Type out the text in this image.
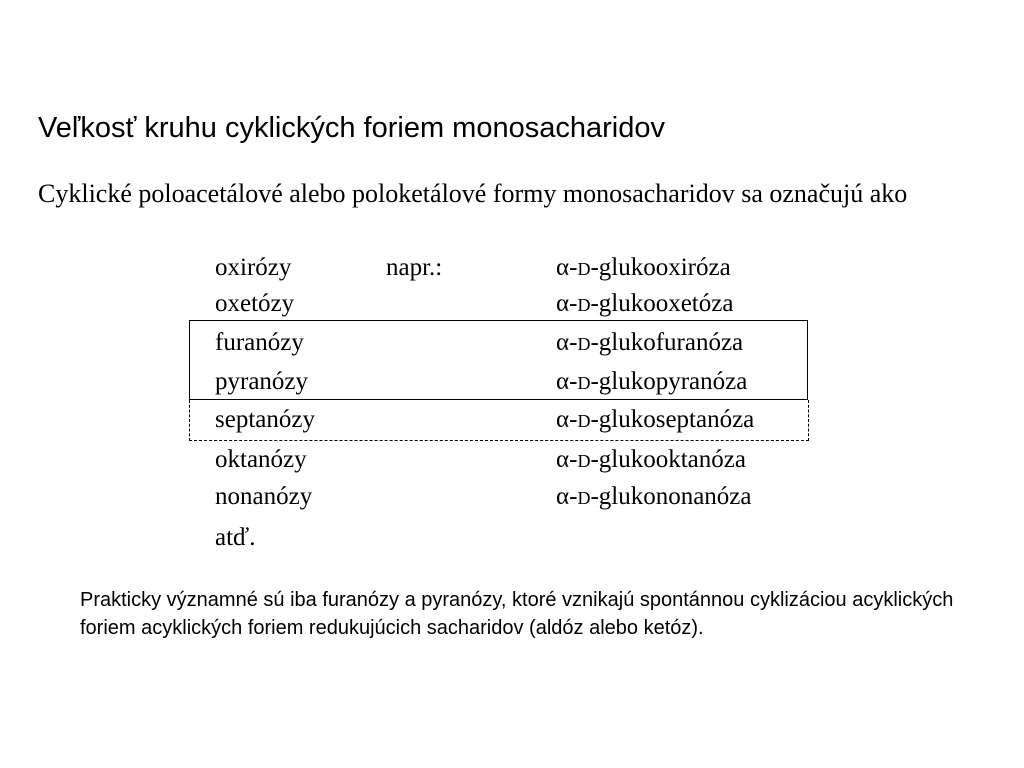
Veľkosť kruhu cyklických foriem monosacharidov
Cyklické poloacetálové alebo poloketálové formy monosacharidov sa označujú ako
oxirózy	napr.:	α-D-glukooxiróza
oxetózy	α-D-glukooxetóza
furanózy	α-D-glukofuranóza
pyranózy	α-D-glukopyranóza
septanózy	α-D-glukoseptanóza
oktanózy	α-D-glukooktanóza
nonanózy	α-D-glukononanóza
atď.
Prakticky významné sú iba furanózy a pyranózy, ktoré vznikajú spontánnou cyklizáciou acyklických foriem acyklických foriem redukujúcich sacharidov (aldóz alebo ketóz).
